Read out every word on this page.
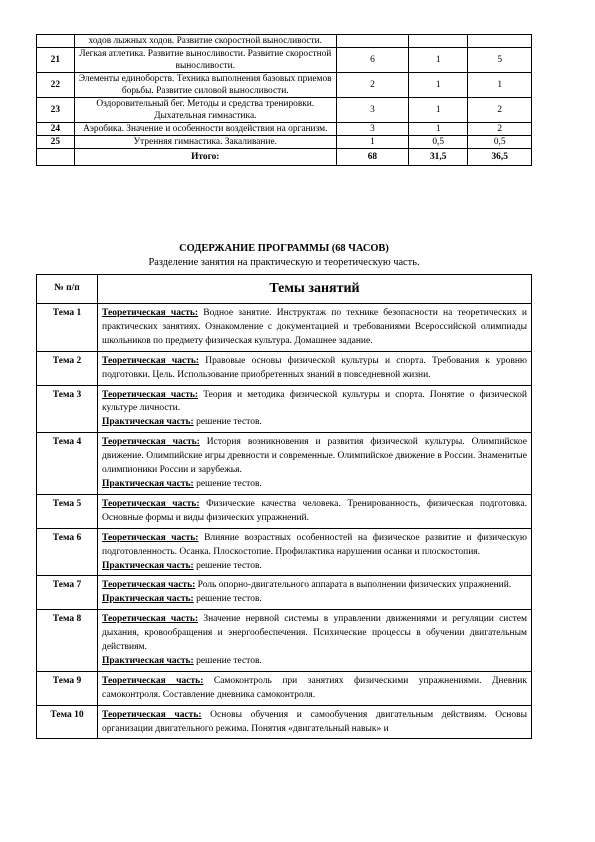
	ходов лыжных ходов. Развитие скоростной выносливости.			
21	Легкая атлетика. Развитие выносливости. Развитие скоростной выносливости.	6	1	5
22	Элементы единоборств. Техника выполнения базовых приемов борьбы. Развитие силовой выносливости.	2	1	1
23	Оздоровительный бег. Методы и средства тренировки. Дыхательная гимнастика.	3	1	2
24	Аэробика. Значение и особенности воздействия на организм.	3	1	2
25	Утренняя гимнастика. Закаливание.	1	0,5	0,5
	Итого:	68	31,5	36,5
СОДЕРЖАНИЕ ПРОГРАММЫ (68 ЧАСОВ)
Разделение занятия на практическую и теоретическую часть.
№ п/п	Темы занятий
Тема 1	Теоретическая часть: Водное занятие. Инструктаж по технике безопасности на теоретических и практических занятиях. Ознакомление с документацией и требованиями Всероссийской олимпиады школьников по предмету физическая культура. Домашнее задание.

Тема 2	Теоретическая часть: Правовые основы физической культуры и спорта. Требования к уровню подготовки. Цель. Использование приобретенных знаний в повседневной жизни.

Тема 3	Теоретическая часть: Теория и методика физической культуры и спорта. Понятие о физической культуре личности.
Практическая часть: решение тестов.

Тема 4	Теоретическая часть: История возникновения и развития физической культуры. Олимпийское движение. Олимпийские игры древности и современные. Олимпийское движение в России. Знаменитые олимпионики России и зарубежья.
Практическая часть: решение тестов.

Тема 5	Теоретическая часть: Физические качества человека. Тренированность, физическая подготовка. Основные формы и виды физических упражнений.

Тема 6	Теоретическая часть: Влияние возрастных особенностей на физическое развитие и физическую подготовленность. Осанка. Плоскостопие. Профилактика нарушения осанки и плоскостопия.
Практическая часть: решение тестов.

Тема 7	Теоретическая часть: Роль опорно-двигательного аппарата в выполнении физических упражнений.
Практическая часть: решение тестов.

Тема 8	Теоретическая часть: Значение нервной системы в управлении движениями и регуляции систем дыхания, кровообращения и энергообеспечения. Психические процессы в обучении двигательным действиям.
Практическая часть: решение тестов.

Тема 9	Теоретическая часть: Самоконтроль при занятиях физическими упражнениями. Дневник самоконтроля. Составление дневника самоконтроля.

Тема 10	Теоретическая часть: Основы обучения и самообучения двигательным действиям. Основы организации двигательного режима. Понятия «двигательный навык» и
